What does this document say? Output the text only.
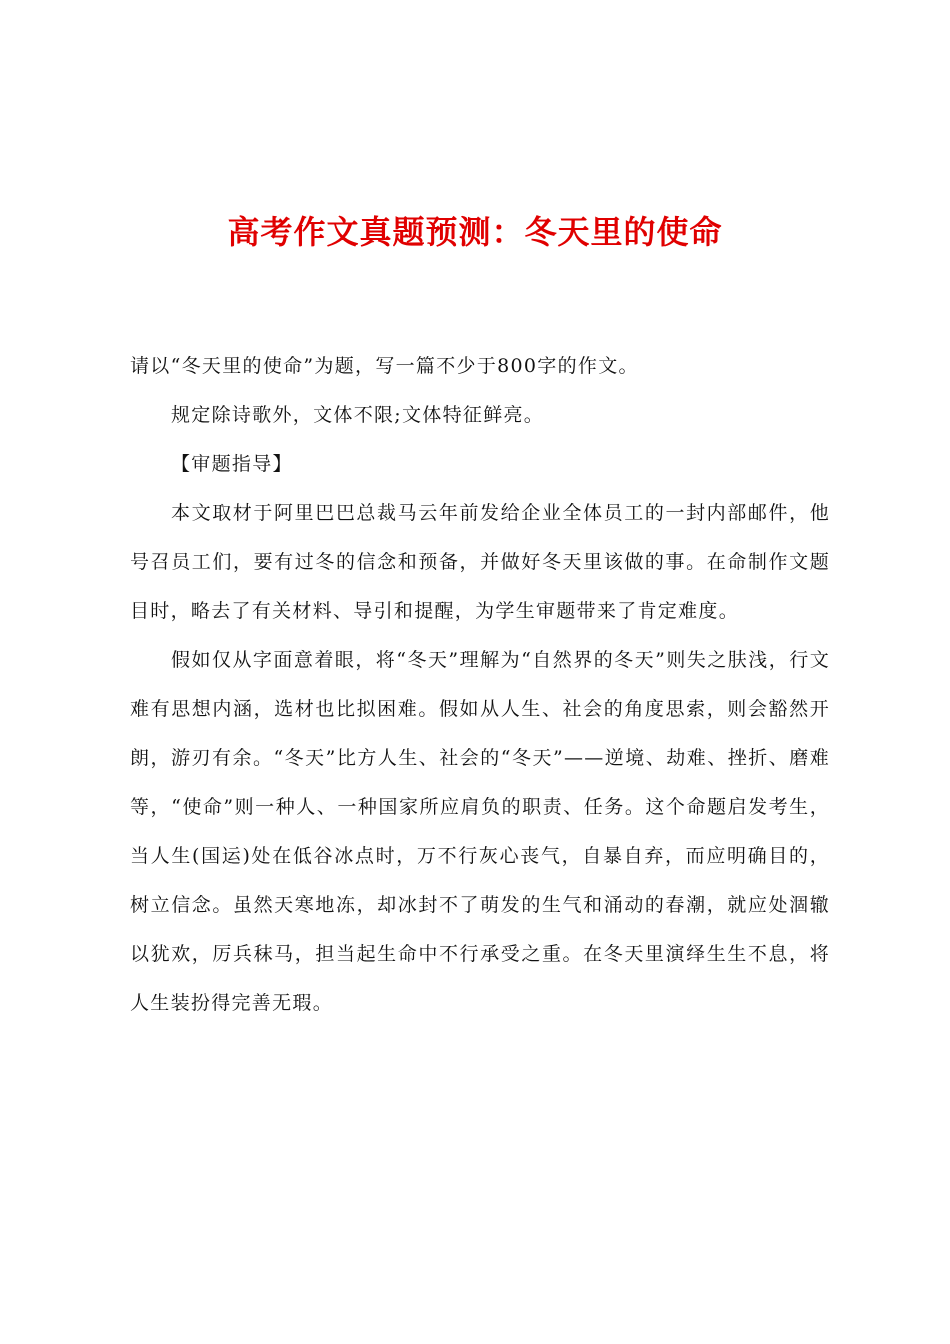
高考作文真题预测：冬天里的使命

请以“冬天里的使命”为题，写一篇不少于800字的作文。

规定除诗歌外，文体不限;文体特征鲜亮。

【审题指导】

本文取材于阿里巴巴总裁马云年前发给企业全体员工的一封内部邮件，他号召员工们，要有过冬的信念和预备，并做好冬天里该做的事。在命制作文题目时，略去了有关材料、导引和提醒，为学生审题带来了肯定难度。

假如仅从字面意着眼，将“冬天”理解为“自然界的冬天”则失之肤浅，行文难有思想内涵，选材也比拟困难。假如从人生、社会的角度思索，则会豁然开朗，游刃有余。“冬天”比方人生、社会的“冬天”——逆境、劫难、挫折、磨难等，“使命”则一种人、一种国家所应肩负的职责、任务。这个命题启发考生，当人生(国运)处在低谷冰点时，万不行灰心丧气，自暴自弃，而应明确目的，树立信念。虽然天寒地冻，却冰封不了萌发的生气和涌动的春潮，就应处涸辙以犹欢，厉兵秣马，担当起生命中不行承受之重。在冬天里演绎生生不息，将人生装扮得完善无瑕。
